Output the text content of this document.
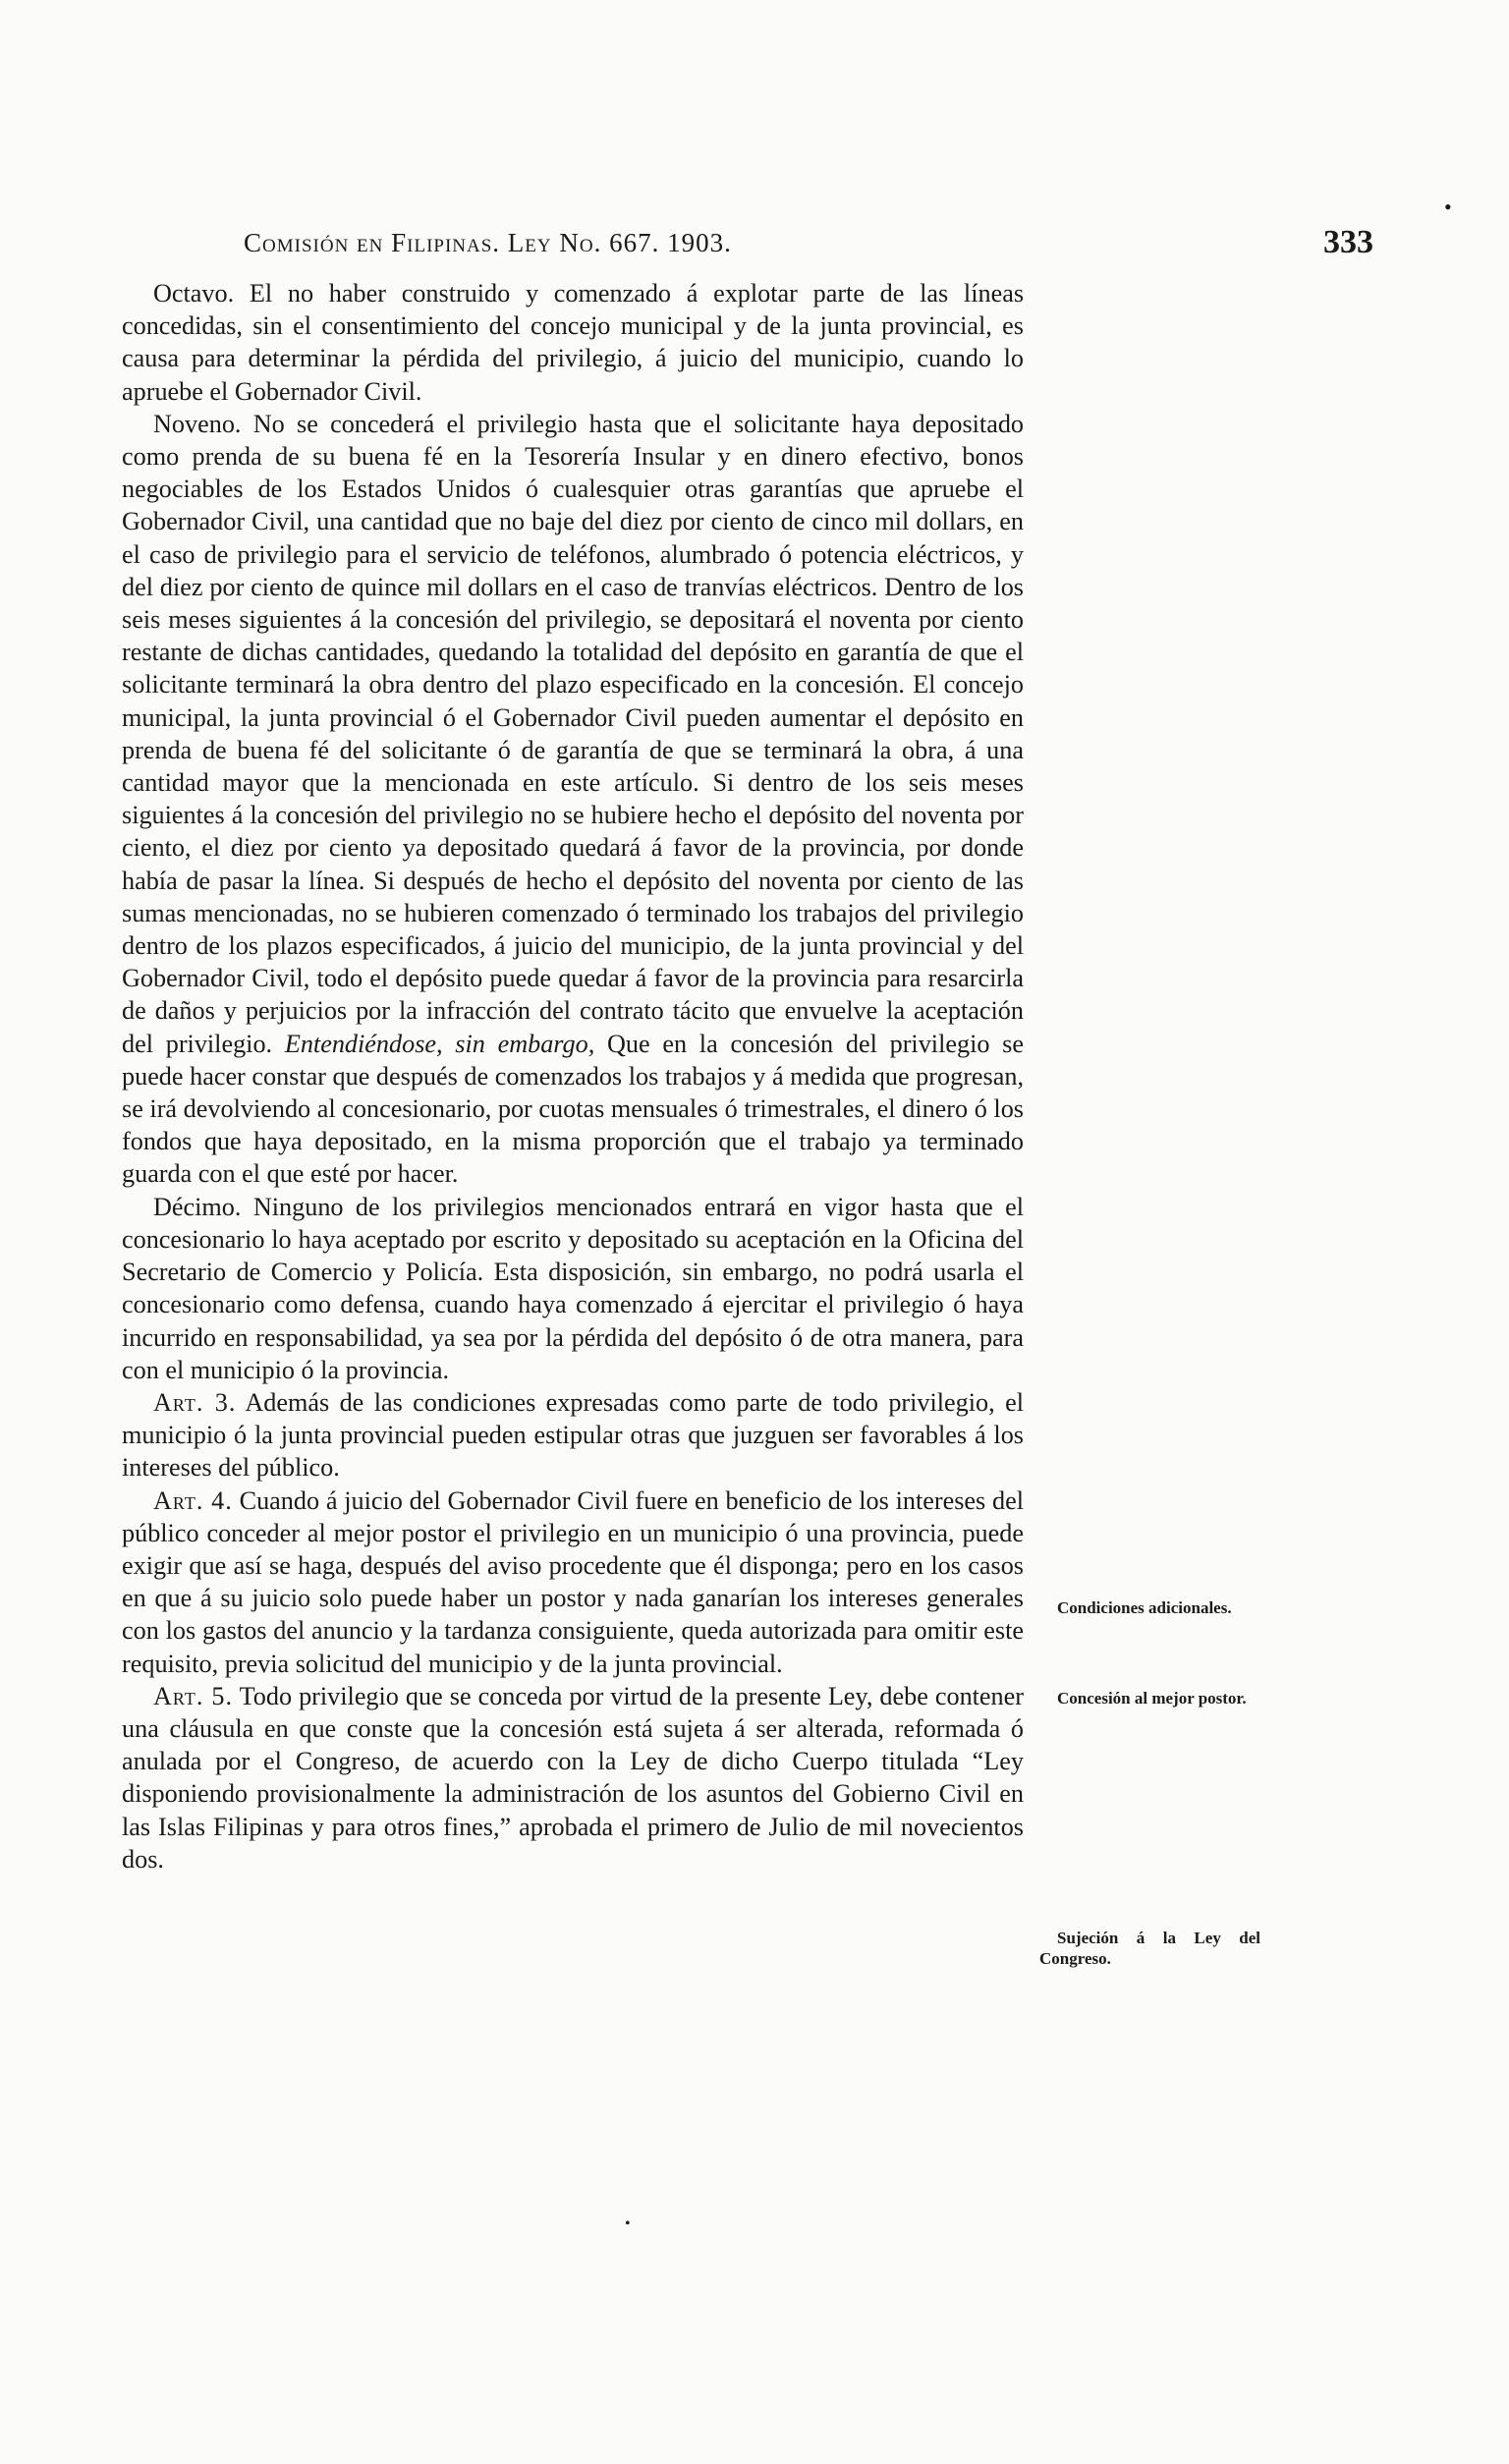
Comisión en Filipinas. Ley No. 667. 1903.	333

Octavo. El no haber construido y comenzado á explotar parte de las líneas concedidas, sin el consentimiento del concejo municipal y de la junta provincial, es causa para determinar la pérdida del privilegio, á juicio del municipio, cuando lo apruebe el Gobernador Civil.

Noveno. No se concederá el privilegio hasta que el solicitante haya depositado como prenda de su buena fé en la Tesorería Insular y en dinero efectivo, bonos negociables de los Estados Unidos ó cualesquier otras garantías que apruebe el Gobernador Civil, una cantidad que no baje del diez por ciento de cinco mil dollars, en el caso de privilegio para el servicio de teléfonos, alumbrado ó potencia eléctricos, y del diez por ciento de quince mil dollars en el caso de tranvías eléctricos. Dentro de los seis meses siguientes á la concesión del privilegio, se depositará el noventa por ciento restante de dichas cantidades, quedando la totalidad del depósito en garantía de que el solicitante terminará la obra dentro del plazo especificado en la concesión. El concejo municipal, la junta provincial ó el Gobernador Civil pueden aumentar el depósito en prenda de buena fé del solicitante ó de garantía de que se terminará la obra, á una cantidad mayor que la mencionada en este artículo. Si dentro de los seis meses siguientes á la concesión del privilegio no se hubiere hecho el depósito del noventa por ciento, el diez por ciento ya depositado quedará á favor de la provincia, por donde había de pasar la línea. Si después de hecho el depósito del noventa por ciento de las sumas mencionadas, no se hubieren comenzado ó terminado los trabajos del privilegio dentro de los plazos especificados, á juicio del municipio, de la junta provincial y del Gobernador Civil, todo el depósito puede quedar á favor de la provincia para resarcirla de daños y perjuicios por la infracción del contrato tácito que envuelve la aceptación del privilegio. Entendiéndose, sin embargo, Que en la concesión del privilegio se puede hacer constar que después de comenzados los trabajos y á medida que progresan, se irá devolviendo al concesionario, por cuotas mensuales ó trimestrales, el dinero ó los fondos que haya depositado, en la misma proporción que el trabajo ya terminado guarda con el que esté por hacer.

Décimo. Ninguno de los privilegios mencionados entrará en vigor hasta que el concesionario lo haya aceptado por escrito y depositado su aceptación en la Oficina del Secretario de Comercio y Policía. Esta disposición, sin embargo, no podrá usarla el concesionario como defensa, cuando haya comenzado á ejercitar el privilegio ó haya incurrido en responsabilidad, ya sea por la pérdida del depósito ó de otra manera, para con el municipio ó la provincia.

Art. 3. Además de las condiciones expresadas como parte de todo privilegio, el municipio ó la junta provincial pueden estipular otras que juzguen ser favorables á los intereses del público.

Art. 4. Cuando á juicio del Gobernador Civil fuere en beneficio de los intereses del público conceder al mejor postor el privilegio en un municipio ó una provincia, puede exigir que así se haga, después del aviso procedente que él disponga; pero en los casos en que á su juicio solo puede haber un postor y nada ganarían los intereses generales con los gastos del anuncio y la tardanza consiguiente, queda autorizada para omitir este requisito, previa solicitud del municipio y de la junta provincial.

Art. 5. Todo privilegio que se conceda por virtud de la presente Ley, debe contener una cláusula en que conste que la concesión está sujeta á ser alterada, reformada ó anulada por el Congreso, de acuerdo con la Ley de dicho Cuerpo titulada “Ley disponiendo provisionalmente la administración de los asuntos del Gobierno Civil en las Islas Filipinas y para otros fines,” aprobada el primero de Julio de mil novecientos dos.

Condiciones adicionales.
Concesión al mejor postor.
Sujeción á la Ley del Congreso.
•
•
